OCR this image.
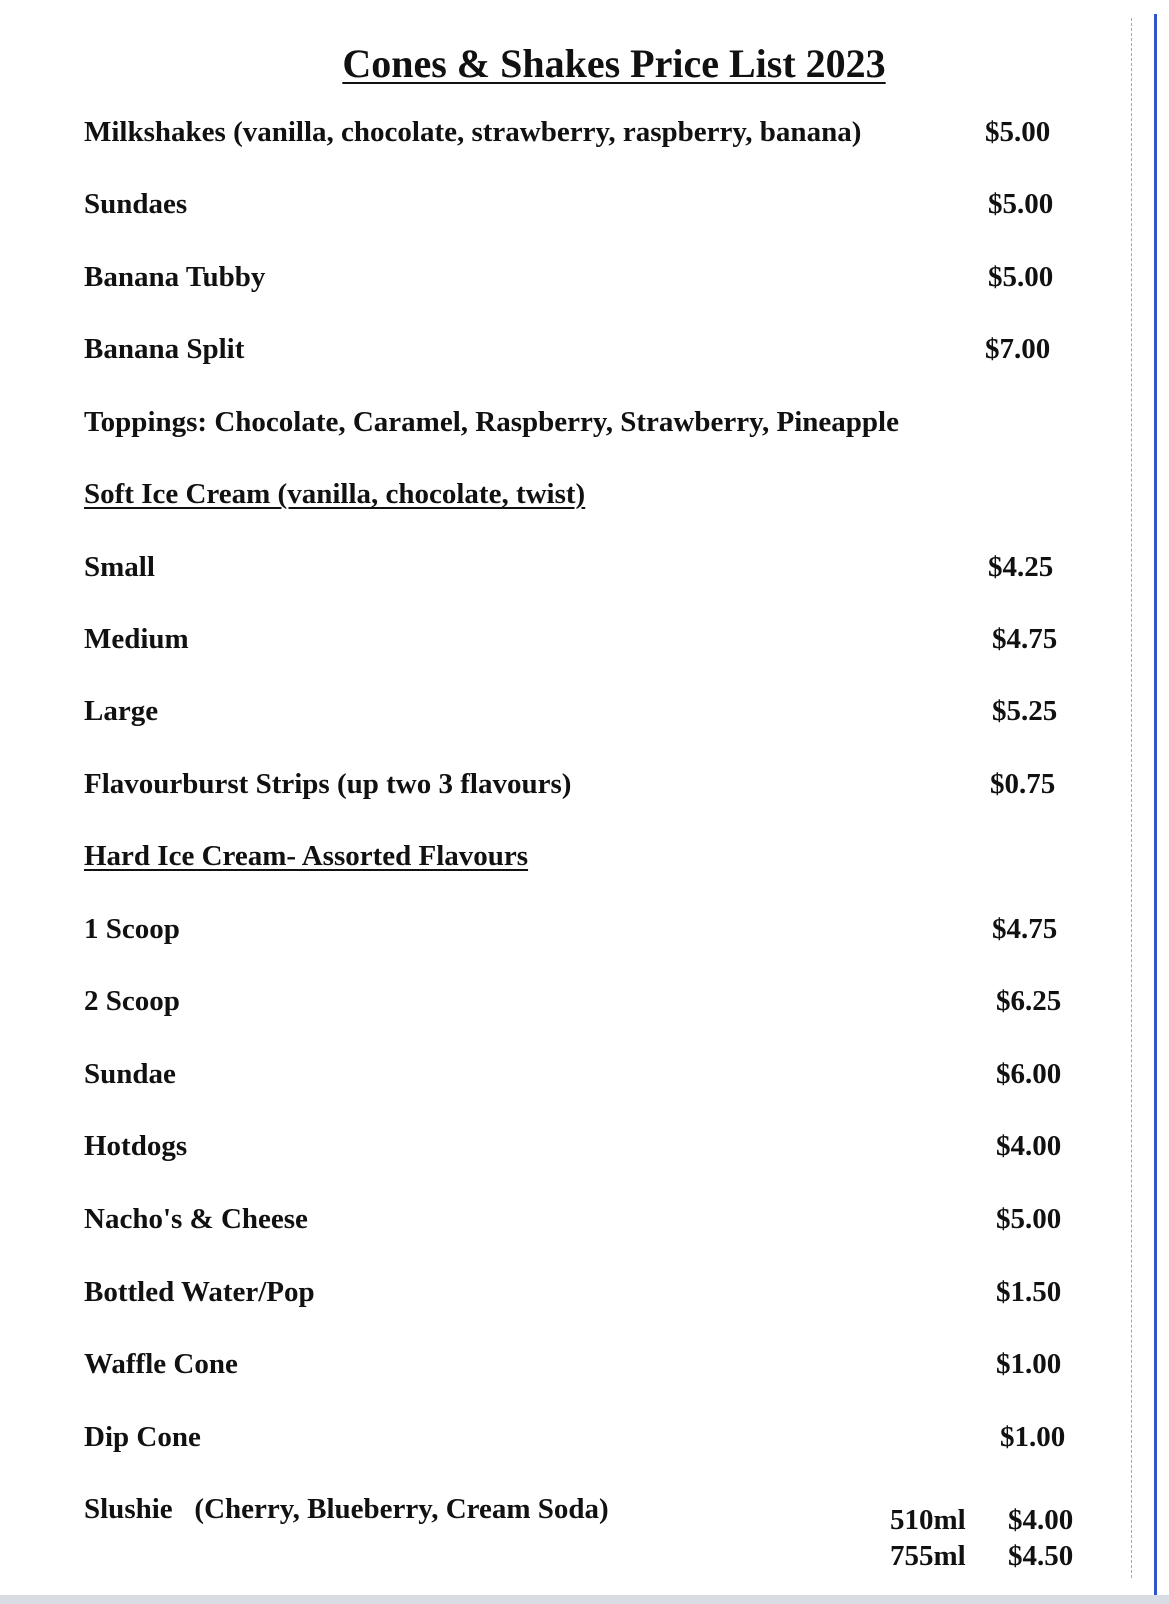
Cones & Shakes Price List 2023
Milkshakes (vanilla, chocolate, strawberry, raspberry, banana)	$5.00
Sundaes	$5.00
Banana Tubby	$5.00
Banana Split	$7.00
Toppings: Chocolate, Caramel, Raspberry, Strawberry, Pineapple
Soft Ice Cream (vanilla, chocolate, twist)
Small	$4.25
Medium	$4.75
Large	$5.25
Flavourburst Strips (up two 3 flavours)	$0.75
Hard Ice Cream- Assorted Flavours
1 Scoop	$4.75
2 Scoop	$6.25
Sundae	$6.00
Hotdogs	$4.00
Nacho's & Cheese	$5.00
Bottled Water/Pop	$1.50
Waffle Cone	$1.00
Dip Cone	$1.00
Slushie   (Cherry, Blueberry, Cream Soda)	510ml $4.00
755ml $4.50
